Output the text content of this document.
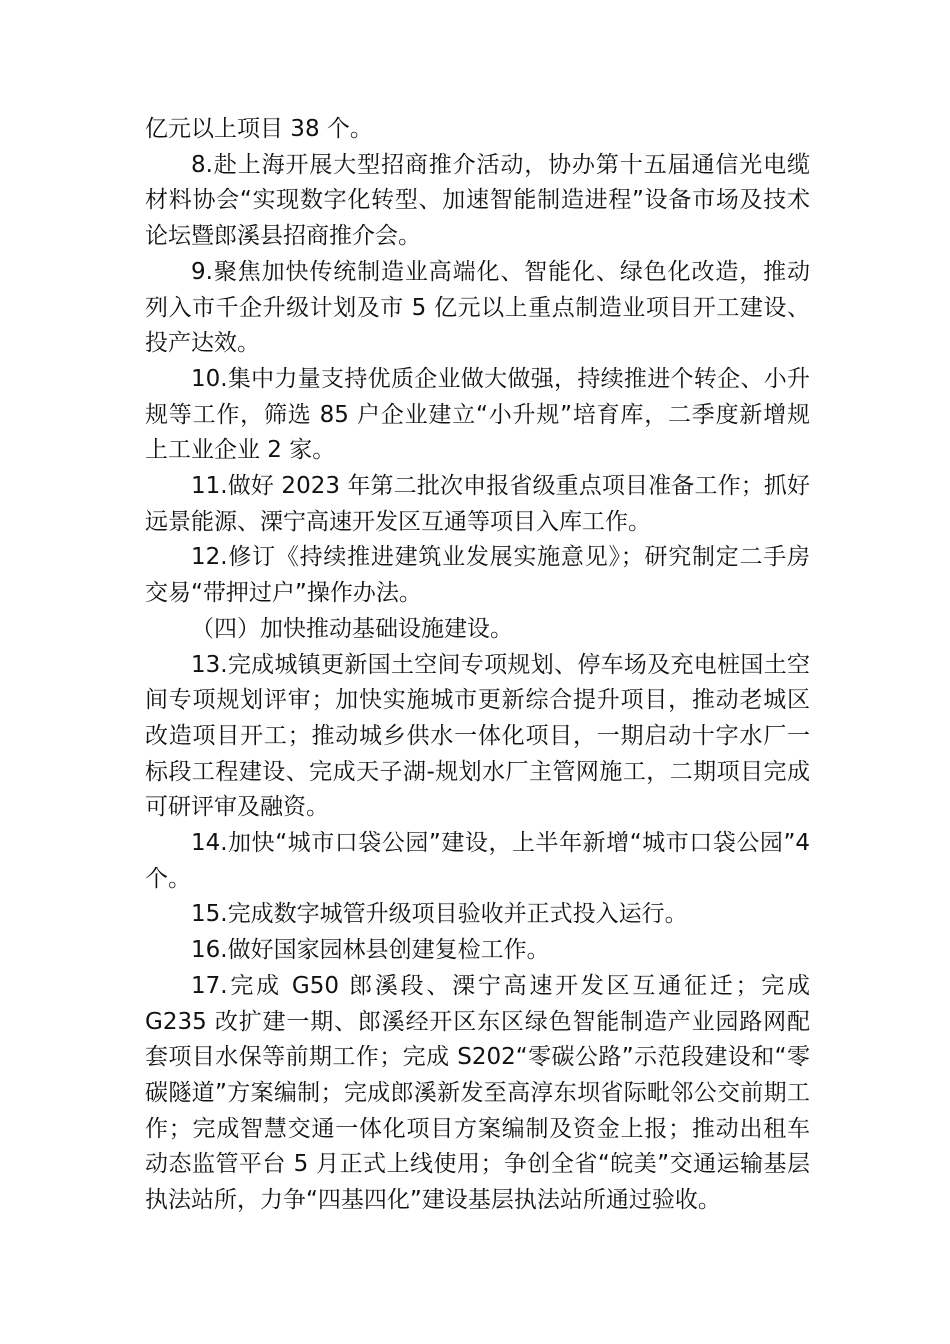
亿元以上项目 38 个。

8.赴上海开展大型招商推介活动，协办第十五届通信光电缆材料协会“实现数字化转型、加速智能制造进程”设备市场及技术论坛暨郎溪县招商推介会。

9.聚焦加快传统制造业高端化、智能化、绿色化改造，推动列入市千企升级计划及市 5 亿元以上重点制造业项目开工建设、投产达效。

10.集中力量支持优质企业做大做强，持续推进个转企、小升规等工作，筛选 85 户企业建立“小升规”培育库，二季度新增规上工业企业 2 家。

11.做好 2023 年第二批次申报省级重点项目准备工作；抓好远景能源、溧宁高速开发区互通等项目入库工作。

12.修订《持续推进建筑业发展实施意见》；研究制定二手房交易“带押过户”操作办法。

（四）加快推动基础设施建设。

13.完成城镇更新国土空间专项规划、停车场及充电桩国土空间专项规划评审；加快实施城市更新综合提升项目，推动老城区改造项目开工；推动城乡供水一体化项目，一期启动十字水厂一标段工程建设、完成天子湖-规划水厂主管网施工，二期项目完成可研评审及融资。

14.加快“城市口袋公园”建设，上半年新增“城市口袋公园”4 个。

15.完成数字城管升级项目验收并正式投入运行。

16.做好国家园林县创建复检工作。

17.完成 G50 郎溪段、溧宁高速开发区互通征迁；完成G235 改扩建一期、郎溪经开区东区绿色智能制造产业园路网配套项目水保等前期工作；完成 S202“零碳公路”示范段建设和“零碳隧道”方案编制；完成郎溪新发至高淳东坝省际毗邻公交前期工作；完成智慧交通一体化项目方案编制及资金上报；推动出租车动态监管平台 5 月正式上线使用；争创全省“皖美”交通运输基层执法站所，力争“四基四化”建设基层执法站所通过验收。
